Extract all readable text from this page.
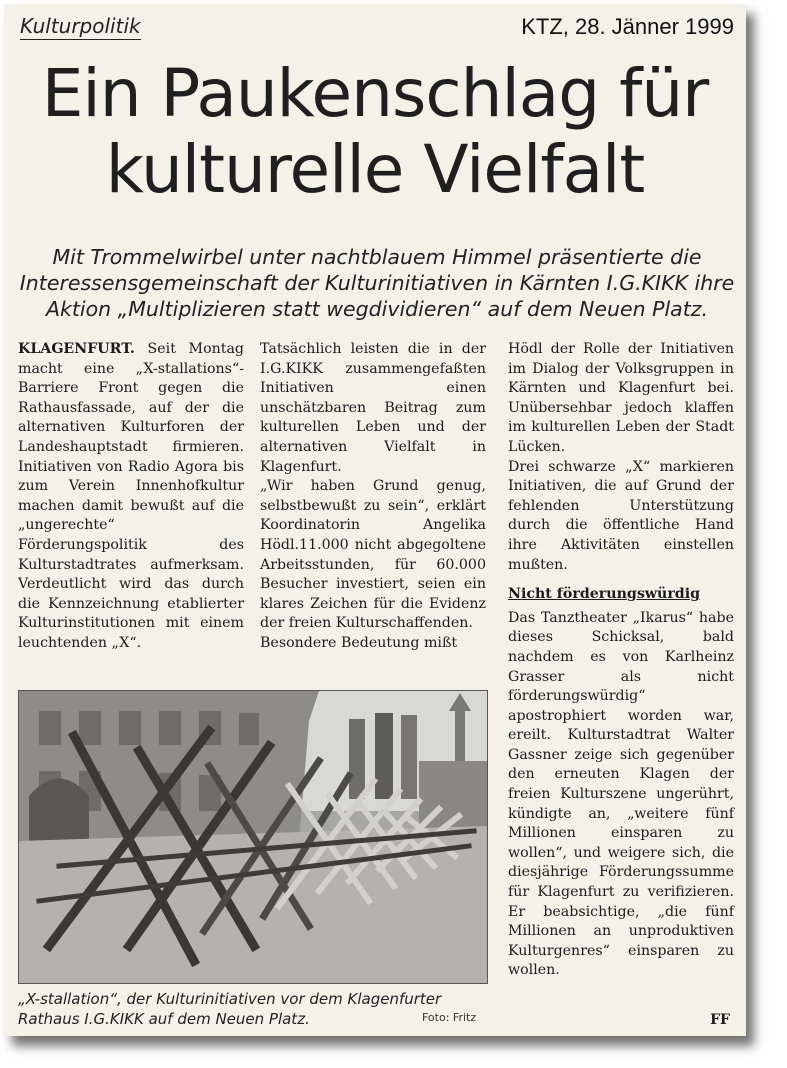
Kulturpolitik	KTZ, 28. Jänner 1999
Ein Paukenschlag für
kulturelle Vielfalt
Mit Trommelwirbel unter nachtblauem Himmel präsentierte die
Interessensgemeinschaft der Kulturinitiativen in Kärnten I.G.KIKK ihre
Aktion „Multiplizieren statt wegdividieren“ auf dem Neuen Platz.

KLAGENFURT. Seit Montag macht eine „X-stallations“-Barriere Front gegen die Rathausfassade, auf der die alternativen Kulturforen der Landeshauptstadt firmieren. Initiativen von Radio Agora bis zum Verein Innenhofkultur machen damit bewußt auf die „ungerechte“ Förderungspolitik des Kulturstadtrates aufmerksam. Verdeutlicht wird das durch die Kennzeichnung etablierter Kulturinstitutionen mit einem leuchtenden „X“.

Tatsächlich leisten die in der I.G.KIKK zusammengefaßten Initiativen einen unschätzbaren Beitrag zum kulturellen Leben und der alternativen Vielfalt in Klagenfurt.

„Wir haben Grund genug, selbstbewußt zu sein“, erklärt Koordinatorin Angelika Hödl.11.000 nicht abgegoltene Arbeitsstunden, für 60.000 Besucher investiert, seien ein klares Zeichen für die Evidenz der freien Kulturschaffenden.

Besondere Bedeutung mißt

Hödl der Rolle der Initiativen im Dialog der Volksgruppen in Kärnten und Klagenfurt bei. Unübersehbar jedoch klaffen im kulturellen Leben der Stadt Lücken.

Drei schwarze „X“ markieren Initiativen, die auf Grund der fehlenden Unterstützung durch die öffentliche Hand ihre Aktivitäten einstellen mußten.

Nicht förderungswürdig

Das Tanztheater „Ikarus“ habe dieses Schicksal, bald nachdem es von Karlheinz Grasser als nicht förderungswürdig“ apostrophiert worden war, ereilt. Kulturstadtrat Walter Gassner zeige sich gegenüber den erneuten Klagen der freien Kulturszene ungerührt, kündigte an, „weitere fünf Millionen einsparen zu wollen“, und weigere sich, die diesjährige Förderungssumme für Klagenfurt zu verifizieren. Er beabsichtige, „die fünf Millionen an unproduktiven Kulturgenres“ einsparen zu wollen.

„X-stallation“, der Kulturinitiativen vor dem Klagenfurter
Rathaus I.G.KIKK auf dem Neuen Platz.	Foto: Fritz	FF
